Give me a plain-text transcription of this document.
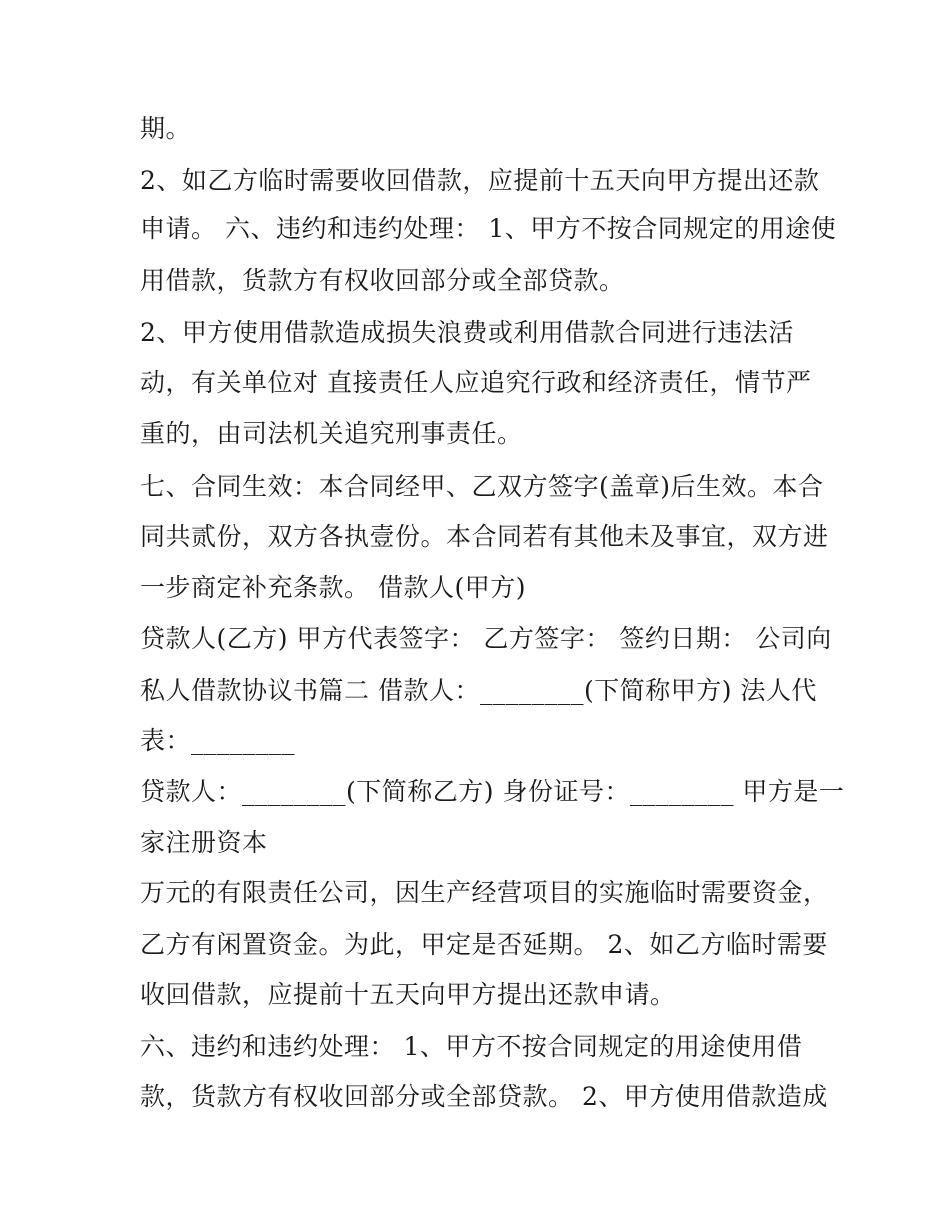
期。
2、如乙方临时需要收回借款，应提前十五天向甲方提出还款
申请。 六、违约和违约处理： 1、甲方不按合同规定的用途使
用借款，货款方有权收回部分或全部贷款。
2、甲方使用借款造成损失浪费或利用借款合同进行违法活
动，有关单位对 直接责任人应追究行政和经济责任，情节严
重的，由司法机关追究刑事责任。
七、合同生效：本合同经甲、乙双方签字(盖章)后生效。本合
同共贰份，双方各执壹份。本合同若有其他未及事宜，双方进
一步商定补充条款。 借款人(甲方)
贷款人(乙方) 甲方代表签字： 乙方签字： 签约日期： 公司向
私人借款协议书篇二 借款人：________(下简称甲方) 法人代
表：________
贷款人：________(下简称乙方) 身份证号：________ 甲方是一
家注册资本
万元的有限责任公司，因生产经营项目的实施临时需要资金，
乙方有闲置资金。为此，甲定是否延期。 2、如乙方临时需要
收回借款，应提前十五天向甲方提出还款申请。
六、违约和违约处理： 1、甲方不按合同规定的用途使用借
款，货款方有权收回部分或全部贷款。 2、甲方使用借款造成
